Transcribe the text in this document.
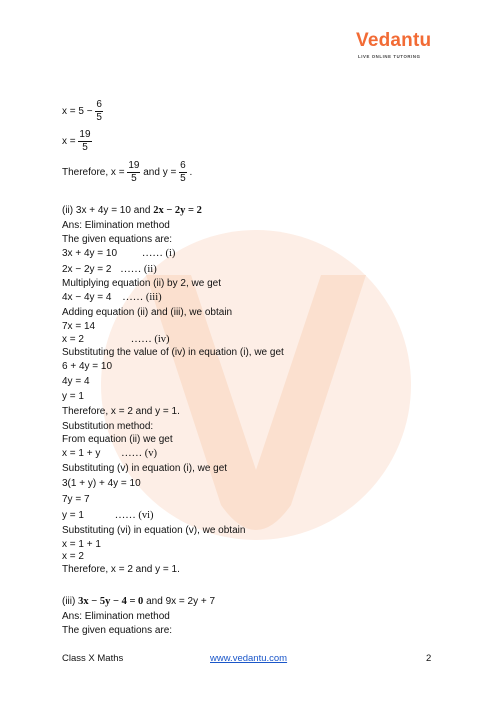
Vedantu
LIVE ONLINE TUTORING
$x = 5 - \frac{6}{5}$
$x = \frac{19}{5}$
Therefore, $x = \frac{19}{5}$ and $y = \frac{6}{5}$ .
(ii) 3x + 4y = 10 and 2x − 2y = 2
Ans: Elimination method
The given equations are:
3x + 4y = 10 …… (i)
2x − 2y = 2 …… (ii)
Multiplying equation (ii) by 2, we get
4x − 4y = 4 …… (iii)
Adding equation (ii) and (iii), we obtain
7x = 14
x = 2	…… (iv)
Substituting the value of (iv) in equation (i), we get
6 + 4y = 10
4y = 4
y = 1
Therefore, x = 2 and y = 1.
Substitution method:
From equation (ii) we get
x = 1 + y …… (v)
Substituting (v) in equation (i), we get
3(1 + y) + 4y = 10
7y = 7
y = 1	…… (vi)
Substituting (vi) in equation (v), we obtain
x = 1 + 1
x = 2
Therefore, x = 2 and y = 1.
(iii) 3x − 5y − 4 = 0 and 9x = 2y + 7
Ans: Elimination method
The given equations are:
Class X Maths	www.vedantu.com	2
